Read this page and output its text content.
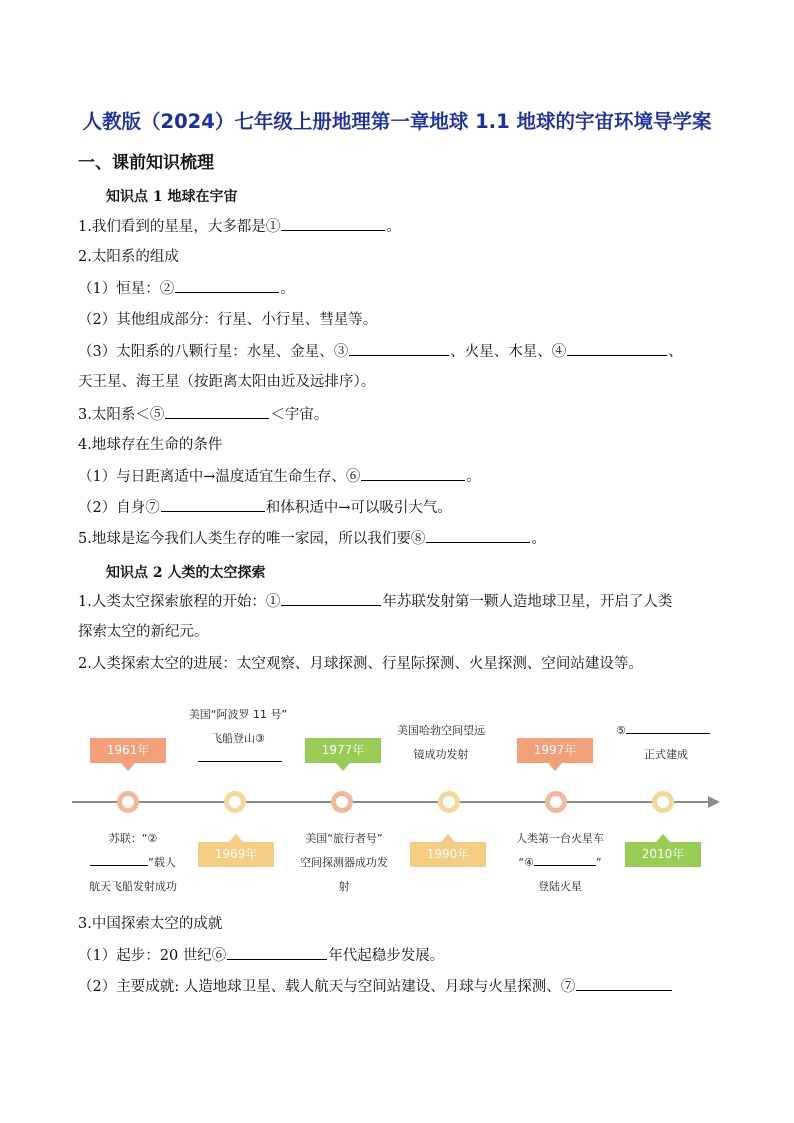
人教版（2024）七年级上册地理第一章地球 1.1 地球的宇宙环境导学案
一、课前知识梳理
知识点 1 地球在宇宙
1.我们看到的星星，大多都是①	。
2.太阳系的组成
（1）恒星：②	。
（2）其他组成部分：行星、小行星、彗星等。
（3）太阳系的八颗行星：水星、金星、③	、火星、木星、④	、
天王星、海王星（按距离太阳由近及远排序）。
3.太阳系＜⑤	＜宇宙。
4.地球存在生命的条件
（1）与日距离适中→温度适宜生命生存、⑥	。
（2）自身⑦	和体积适中→可以吸引大气。
5.地球是迄今我们人类生存的唯一家园，所以我们要⑧	。
知识点 2 人类的太空探索
1.人类太空探索旅程的开始：①	年苏联发射第一颗人造地球卫星，开启了人类
探索太空的新纪元。
2.人类探索太空的进展：太空观察、月球探测、行星际探测、火星探测、空间站建设等。
美国“阿波罗 11 号”
飞船登山③
美国哈勃空间望远
镜成功发射
⑤
正式建成
1961年	1977年	1997年
1969年	1990年	2010年
苏联：“②
”载人
航天飞船发射成功
美国“旅行者号”
空间探测器成功发
射
人类第一台火星车
“④	”
登陆火星
3.中国探索太空的成就
（1）起步：20 世纪⑥	年代起稳步发展。
（2）主要成就: 人造地球卫星、载人航天与空间站建设、月球与火星探测、⑦
